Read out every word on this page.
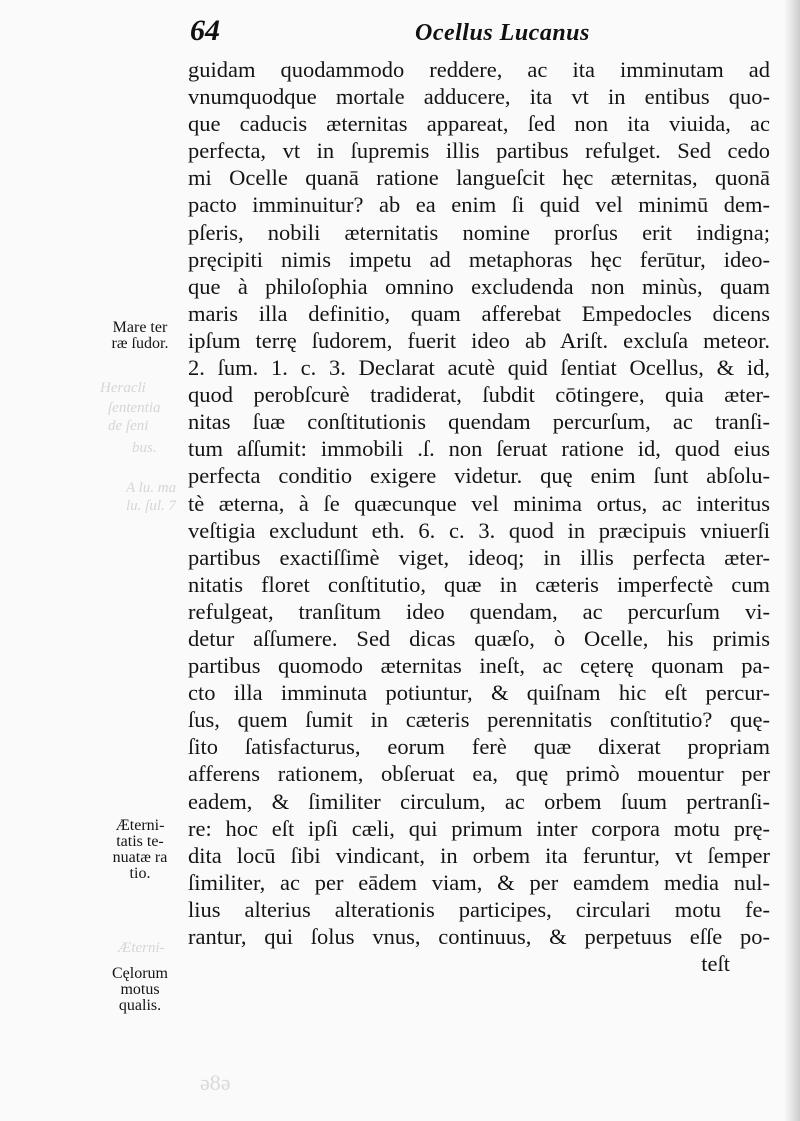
Heracli
ſententia
de ſeni
bus.
A lu. ma
lu. ſul. 7
Æterni-
ǝ8ǝ
64	Ocellus Lucanus
guidam quodammodo reddere, ac ita imminutam ad
vnumquodque mortale adducere, ita vt in entibus quo-
que caducis æternitas appareat, ſed non ita viuida, ac
perfecta, vt in ſupremis illis partibus refulget. Sed cedo
mi Ocelle quanā ratione langueſcit hęc æternitas, quonā
pacto imminuitur? ab ea enim ſi quid vel minimū dem-
pſeris, nobili æternitatis nomine prorſus erit indigna;
pręcipiti nimis impetu ad metaphoras hęc ferūtur, ideo-
que à philoſophia omnino excludenda non minùs, quam
maris illa definitio, quam afferebat Empedocles dicens
ipſum terrę ſudorem, fuerit ideo ab Ariſt. excluſa meteor.
2. ſum. 1. c. 3. Declarat acutè quid ſentiat Ocellus, & id,
quod perobſcurè tradiderat, ſubdit cōtingere, quia æter-
nitas ſuæ conſtitutionis quendam percurſum, ac tranſi-
tum aſſumit: immobili .ſ. non ſeruat ratione id, quod eius
perfecta conditio exigere videtur. quę enim ſunt abſolu-
tè æterna, à ſe quæcunque vel minima ortus, ac interitus
veſtigia excludunt eth. 6. c. 3. quod in præcipuis vniuerſi
partibus exactiſſimè viget, ideoq; in illis perfecta æter-
nitatis floret conſtitutio, quæ in cæteris imperfectè cum
refulgeat, tranſitum ideo quendam, ac percurſum vi-
detur aſſumere. Sed dicas quæſo, ò Ocelle, his primis
partibus quomodo æternitas ineſt, ac cęterę quonam pa-
cto illa imminuta potiuntur, & quiſnam hic eſt percur-
ſus, quem ſumit in cæteris perennitatis conſtitutio? quę-
ſito ſatisfacturus, eorum ferè quæ dixerat propriam
afferens rationem, obſeruat ea, quę primò mouentur per
eadem, & ſimiliter circulum, ac orbem ſuum pertranſi-
re: hoc eſt ipſi cæli, qui primum inter corpora motu prę-
dita locū ſibi vindicant, in orbem ita feruntur, vt ſemper
ſimiliter, ac per eādem viam, & per eamdem media nul-
lius alterius alterationis participes, circulari motu fe-
rantur, qui ſolus vnus, continuus, & perpetuus eſſe po-
teſt
Mare ter
ræ ſudor.
Æterni-
tatis te-
nuatæ ra
tio.
Cęlorum
motus
qualis.
